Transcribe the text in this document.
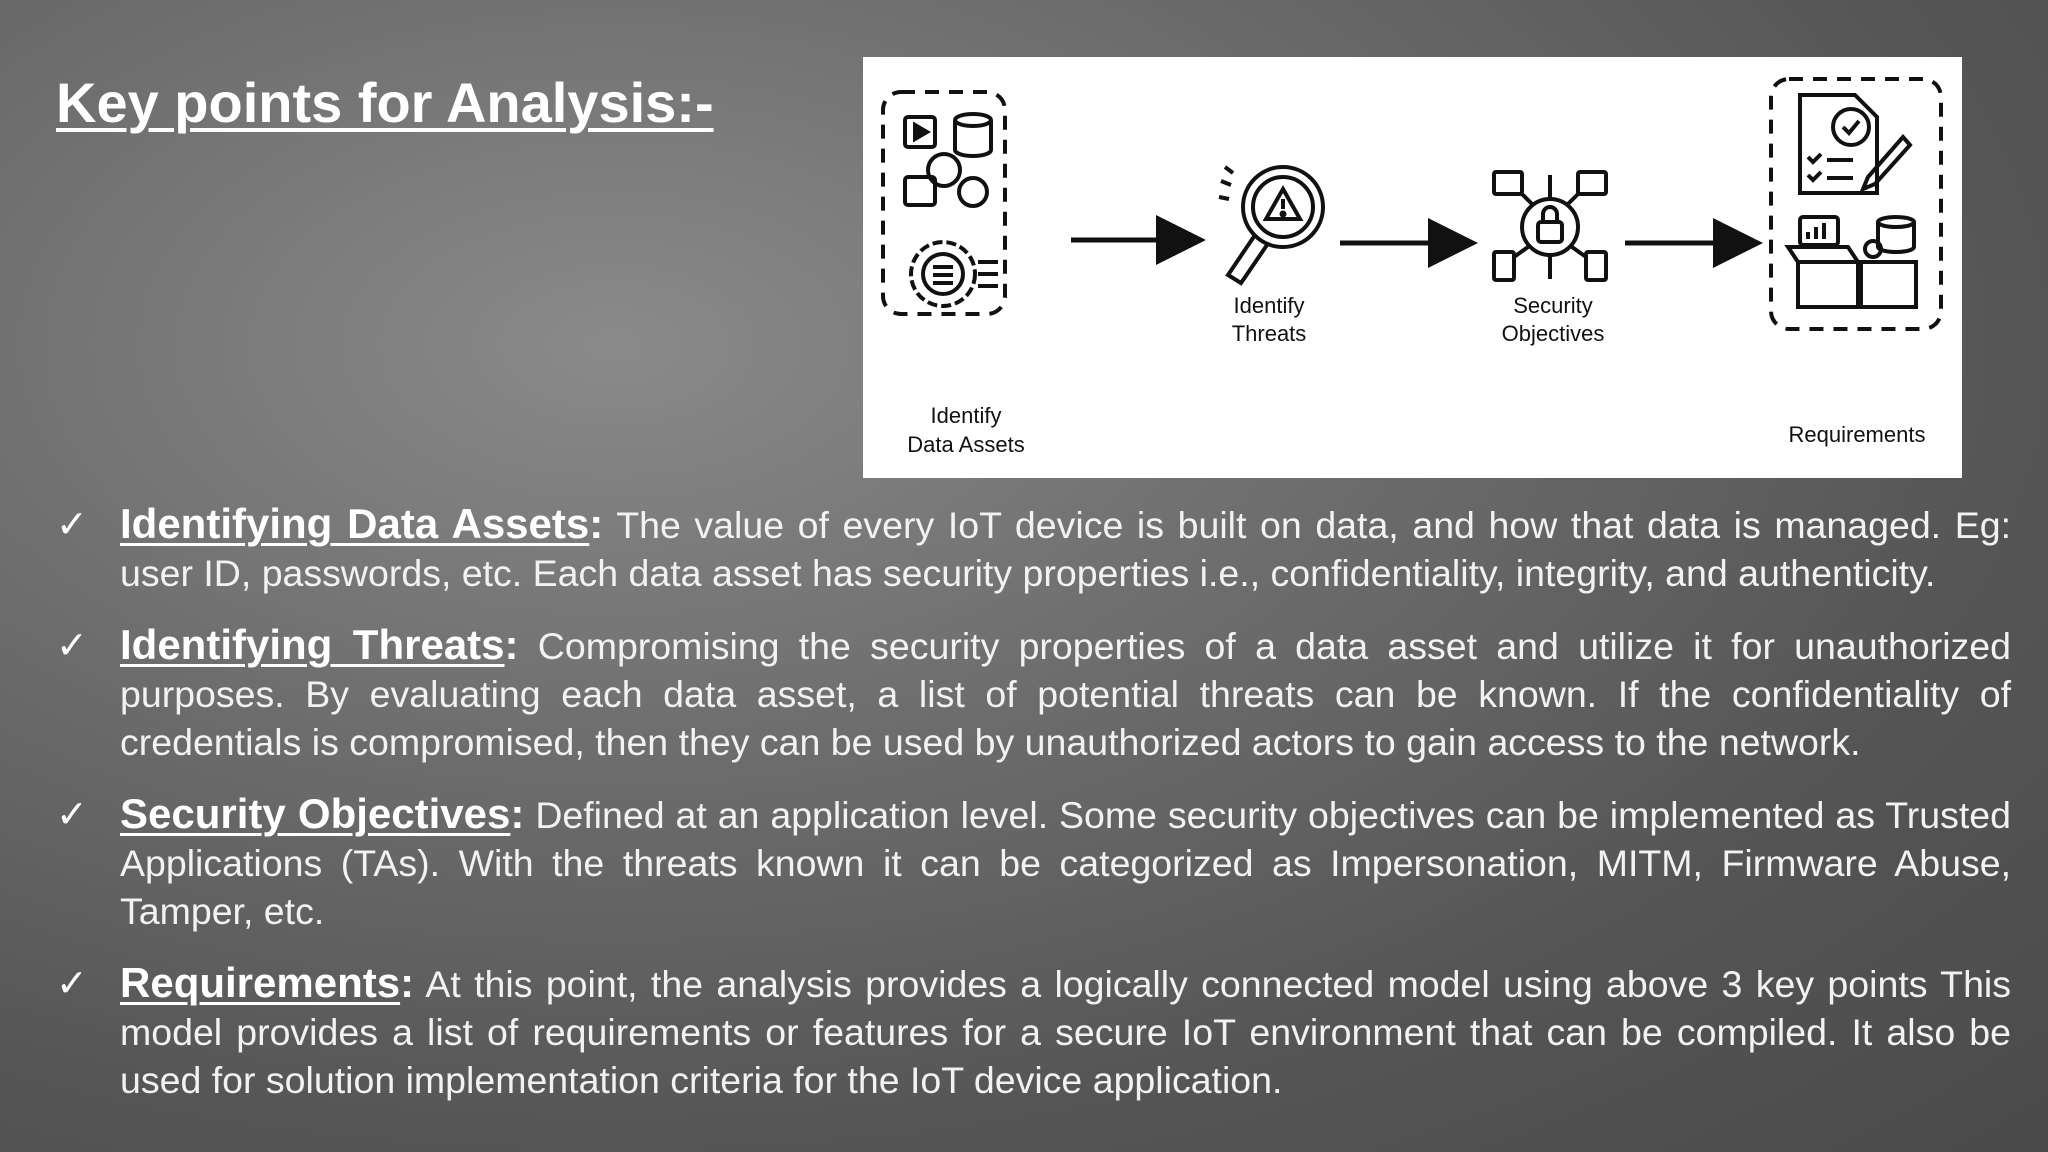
Key points for Analysis:-
Identify
Data Assets
Identify
Threats
Security
Objectives
Requirements
✓ Identifying Data Assets: The value of every IoT device is built on data, and how that data is managed. Eg: user ID, passwords, etc. Each data asset has security properties i.e., confidentiality, integrity, and authenticity.
✓ Identifying Threats: Compromising the security properties of a data asset and utilize it for unauthorized purposes. By evaluating each data asset, a list of potential threats can be known. If the confidentiality of credentials is compromised, then they can be used by unauthorized actors to gain access to the network.
✓ Security Objectives: Defined at an application level. Some security objectives can be implemented as Trusted Applications (TAs). With the threats known it can be categorized as Impersonation, MITM, Firmware Abuse, Tamper, etc.
✓ Requirements: At this point, the analysis provides a logically connected model using above 3 key points This model provides a list of requirements or features for a secure IoT environment that can be compiled. It also be used for solution implementation criteria for the IoT device application.
